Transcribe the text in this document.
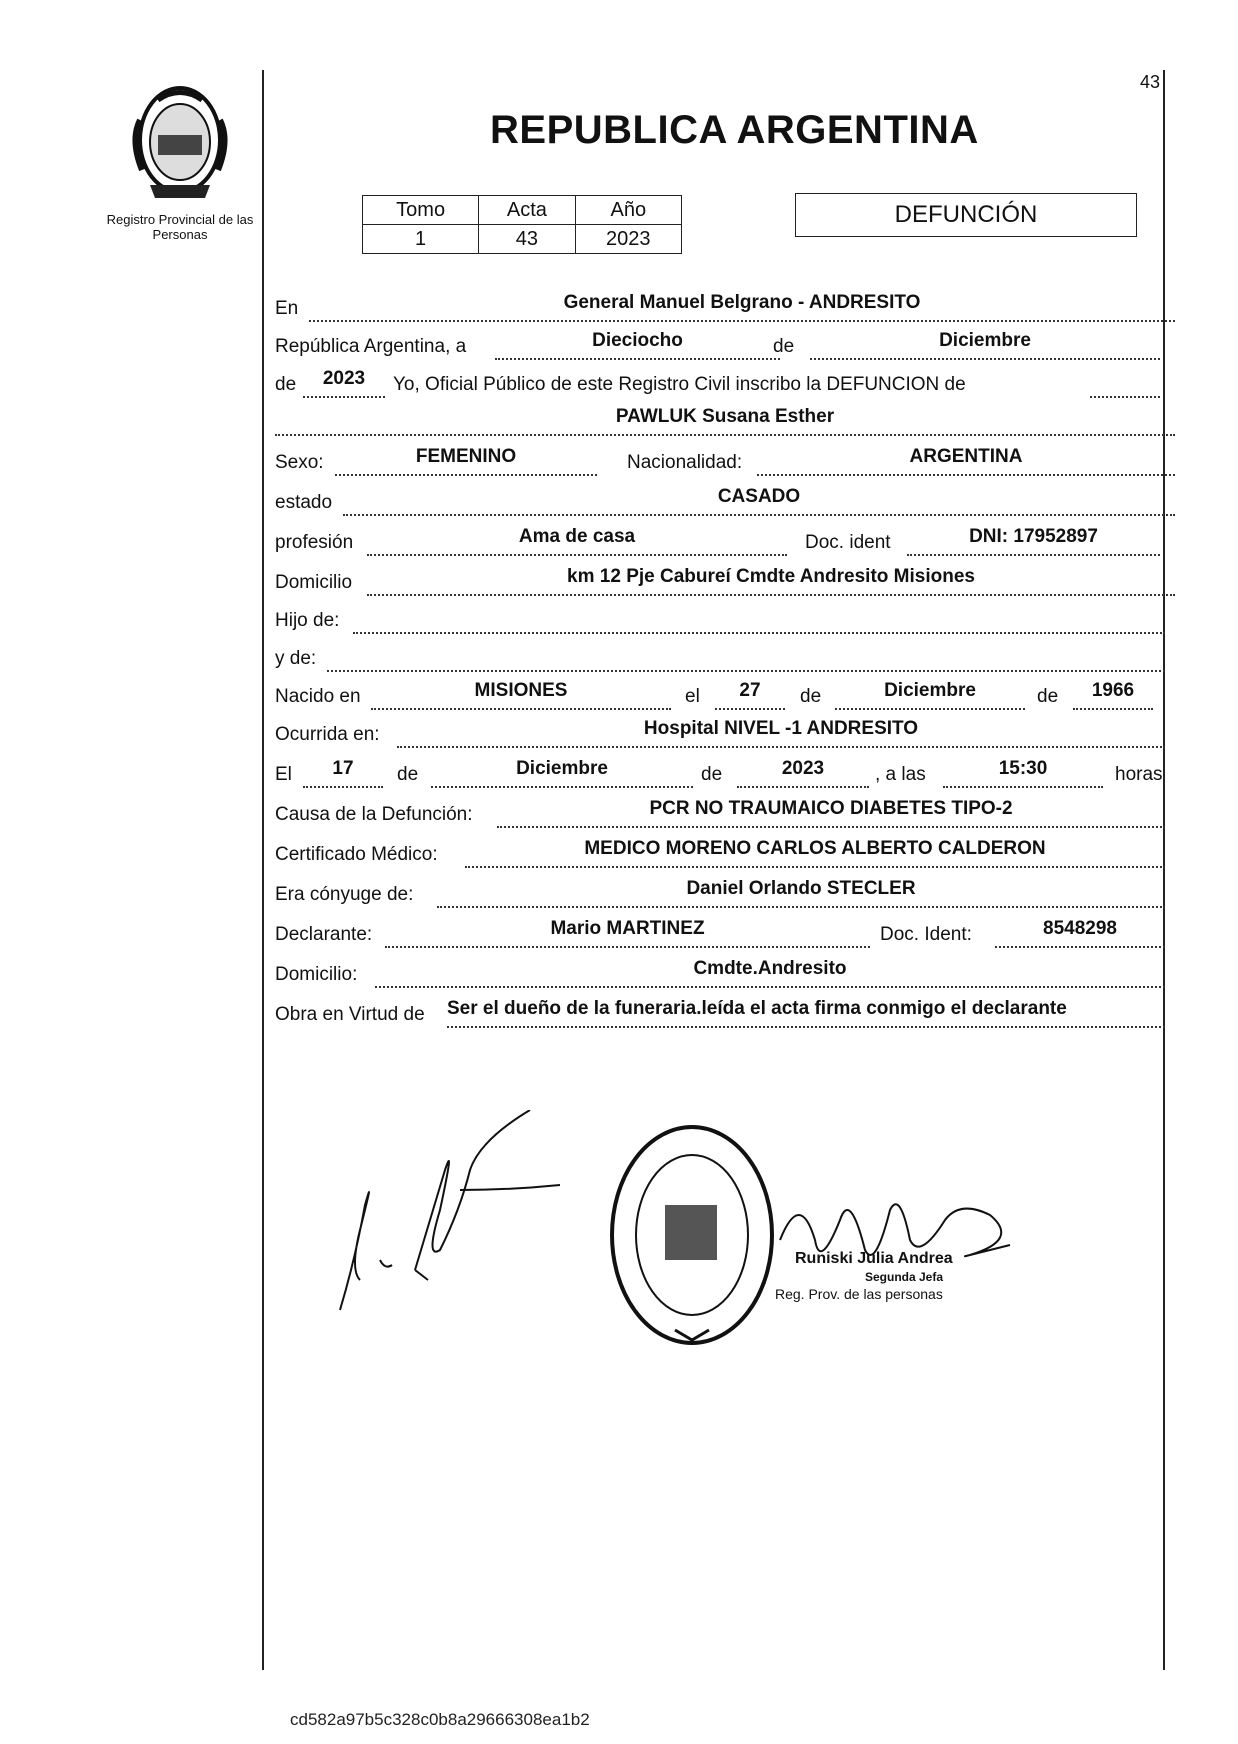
43
Registro Provincial de las Personas
REPUBLICA ARGENTINA
Tomo	Acta	Año
1	43	2023
DEFUNCIÓN
En	General Manuel Belgrano - ANDRESITO
República Argentina, a	Dieciocho	de	Diciembre
de	2023	Yo, Oficial Público de este Registro Civil inscribo la DEFUNCION de
PAWLUK Susana Esther
Sexo:	FEMENINO	Nacionalidad:	ARGENTINA
estado	CASADO
profesión	Ama de casa	Doc. ident	DNI: 17952897
Domicilio	km 12 Pje Cabureí Cmdte Andresito Misiones
Hijo de:
y de:
Nacido en	MISIONES	el	27	de	Diciembre	de	1966
Ocurrida en:	Hospital NIVEL -1 ANDRESITO
El	17	de	Diciembre	de	2023	, a las	15:30	horas
Causa de la Defunción:	PCR NO TRAUMAICO DIABETES TIPO-2
Certificado Médico:	MEDICO MORENO CARLOS ALBERTO CALDERON
Era cónyuge de:	Daniel Orlando STECLER
Declarante:	Mario MARTINEZ	Doc. Ident:	8548298
Domicilio:	Cmdte.Andresito
Obra en Virtud de Ser el dueño de la funeraria.leída el acta firma conmigo el declarante
Runiski Julia Andrea
Segunda Jefa
Reg. Prov. de las personas
cd582a97b5c328c0b8a29666308ea1b2
